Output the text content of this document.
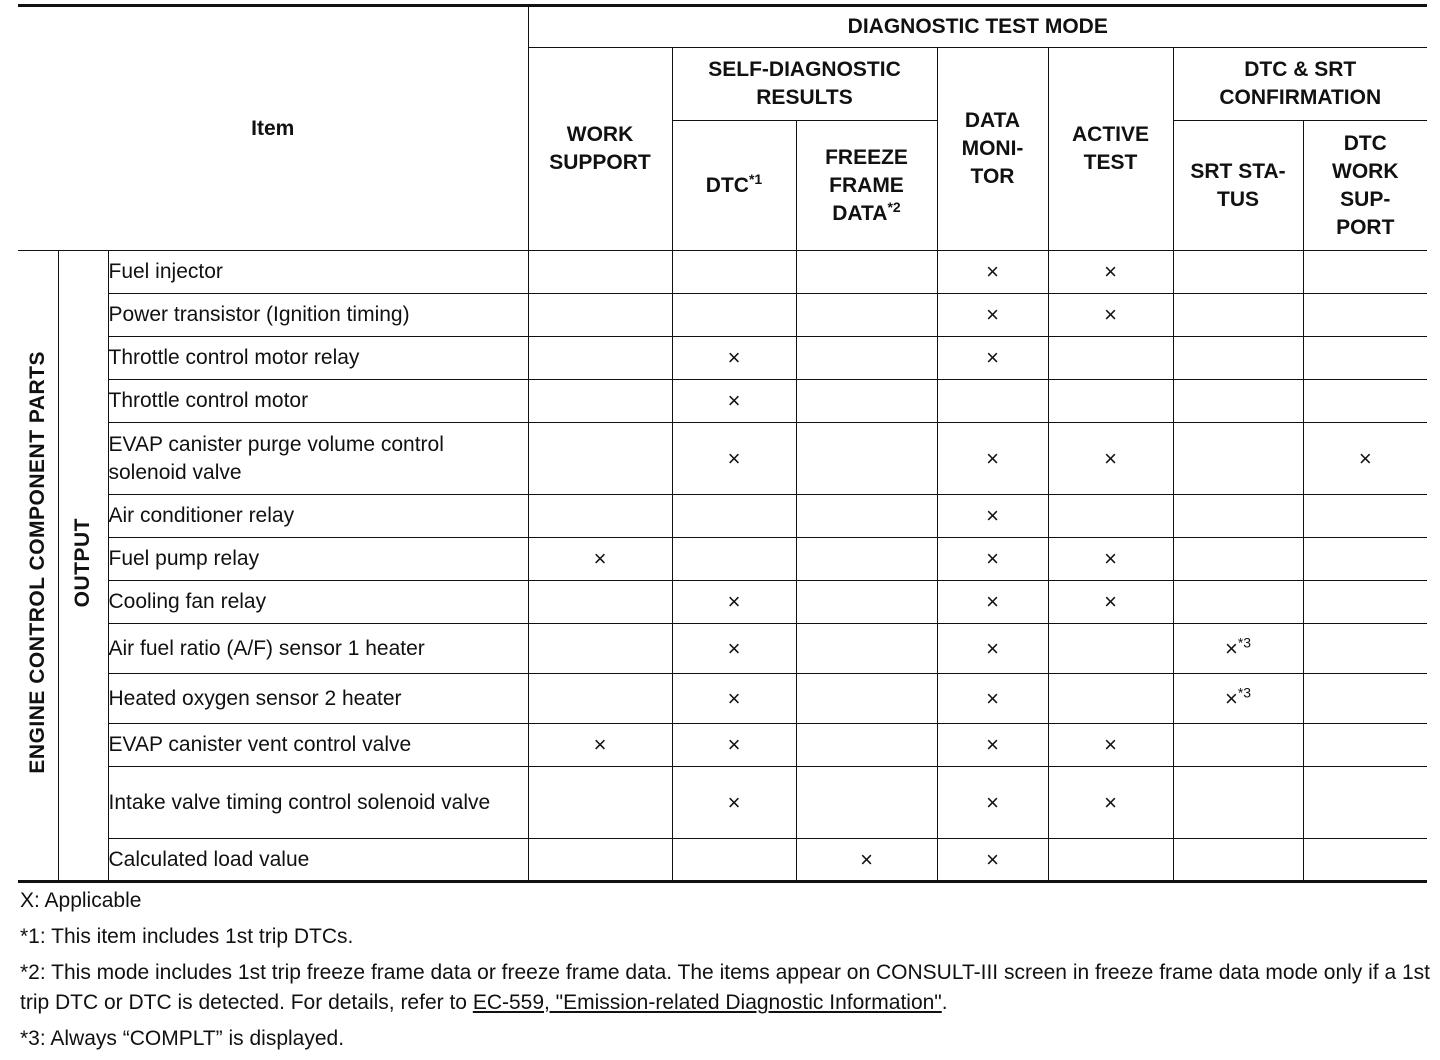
Item			DIAGNOSTIC TEST MODE						
			WORK SUPPORT	SELF-DIAGNOSTIC RESULTS		DATA MONI-TOR	ACTIVE TEST	DTC & SRT CONFIRMATION	
				DTC$^{*1}$	FREEZE FRAME DATA$^{*2}$			SRT STA-TUS	DTC WORK SUP-PORT
ENGINE CONTROL COMPONENT PARTS	OUTPUT	Fuel injector				×	×		
		Power transistor (Ignition timing)				×	×		
		Throttle control motor relay		×		×			
		Throttle control motor		×					
		EVAP canister purge volume control solenoid valve		×		×	×		×
		Air conditioner relay				×			
		Fuel pump relay	×			×	×		
		Cooling fan relay		×		×	×		
		Air fuel ratio (A/F) sensor 1 heater		×		×		×$^{*3}$	
		Heated oxygen sensor 2 heater		×		×		×$^{*3}$	
		EVAP canister vent control valve	×	×		×	×		
		Intake valve timing control solenoid valve		×		×	×		
		Calculated load value			×	×			

X: Applicable

*1: This item includes 1st trip DTCs.

*2: This mode includes 1st trip freeze frame data or freeze frame data. The items appear on CONSULT-III screen in freeze frame data mode only if a 1st trip DTC or DTC is detected. For details, refer to EC-559, "Emission-related Diagnostic Information".

*3: Always “COMPLT” is displayed.
